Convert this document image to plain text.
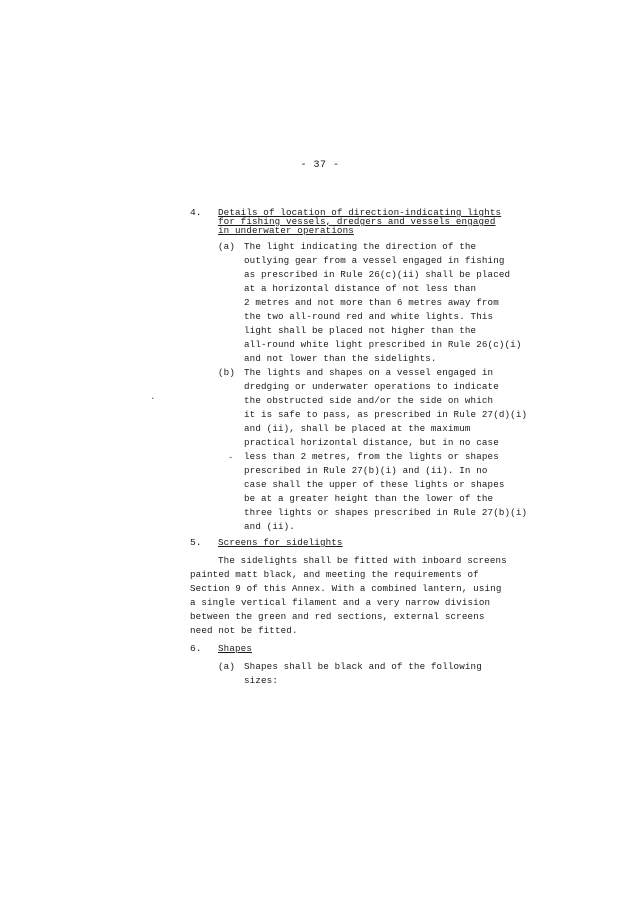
- 37 -
4. Details of location of direction-indicating lights
for fishing vessels, dredgers and vessels engaged
in underwater operations
(a) The light indicating the direction of the
outlying gear from a vessel engaged in fishing
as prescribed in Rule 26(c)(ii) shall be placed
at a horizontal distance of not less than
2 metres and not more than 6 metres away from
the two all-round red and white lights. This
light shall be placed not higher than the
all-round white light prescribed in Rule 26(c)(i)
and not lower than the sidelights.
(b) The lights and shapes on a vessel engaged in
dredging or underwater operations to indicate
the obstructed side and/or the side on which
it is safe to pass, as prescribed in Rule 27(d)(i)
and (ii), shall be placed at the maximum
practical horizontal distance, but in no case
less than 2 metres, from the lights or shapes
prescribed in Rule 27(b)(i) and (ii). In no
case shall the upper of these lights or shapes
be at a greater height than the lower of the
three lights or shapes prescribed in Rule 27(b)(i)
and (ii).
·
-
5. Screens for sidelights
The sidelights shall be fitted with inboard screens
painted matt black, and meeting the requirements of
Section 9 of this Annex. With a combined lantern, using
a single vertical filament and a very narrow division
between the green and red sections, external screens
need not be fitted.
6. Shapes
(a) Shapes shall be black and of the following
sizes:
